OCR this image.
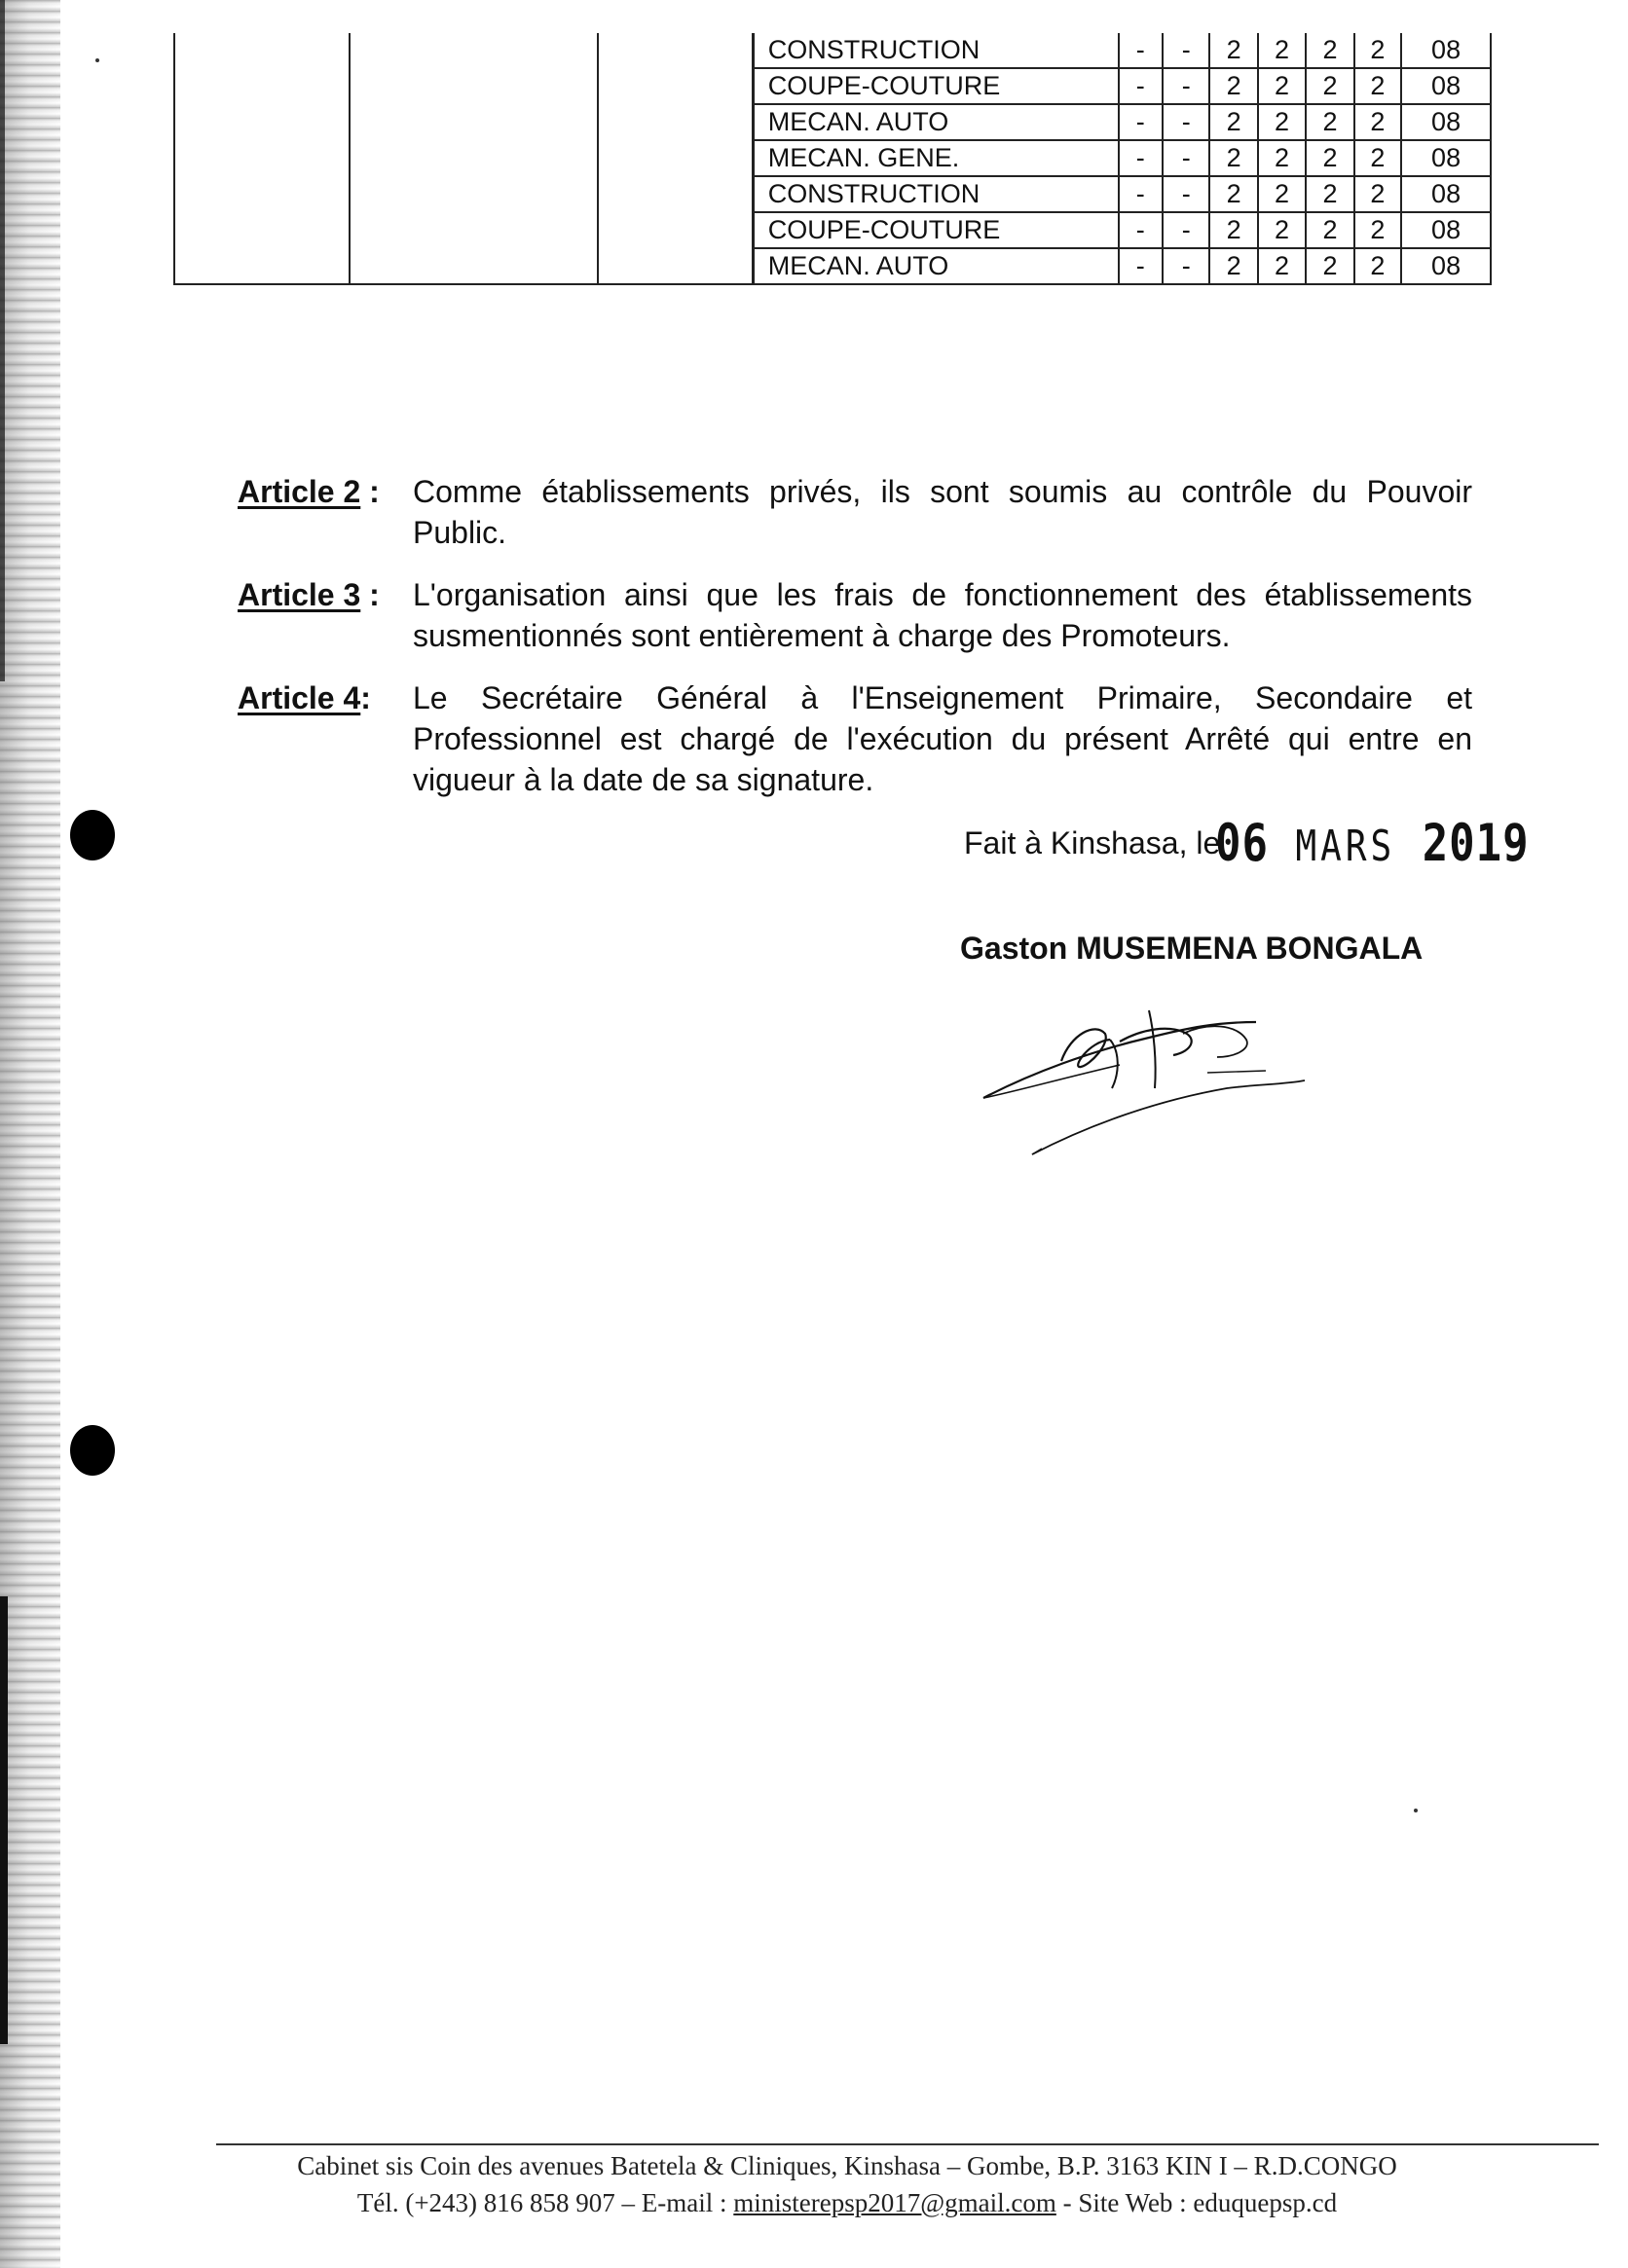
			CONSTRUCTION	-	-	2	2	2	2	08
			COUPE-COUTURE	-	-	2	2	2	2	08
			MECAN. AUTO	-	-	2	2	2	2	08
			MECAN. GENE.	-	-	2	2	2	2	08
			CONSTRUCTION	-	-	2	2	2	2	08
			COUPE-COUTURE	-	-	2	2	2	2	08
			MECAN. AUTO	-	-	2	2	2	2	08
Article 2 :	Comme établissements privés, ils sont soumis au contrôle du Pouvoir Public.
Article 3 :	L'organisation ainsi que les frais de fonctionnement des établissements susmentionnés sont entièrement à charge des Promoteurs.
Article 4:	Le Secrétaire Général à l'Enseignement Primaire, Secondaire et Professionnel est chargé de l'exécution du présent Arrêté qui entre en vigueur à la date de sa signature.
Fait à Kinshasa, le
06 MARS 2019
Gaston MUSEMENA BONGALA
Cabinet sis Coin des avenues Batetela & Cliniques, Kinshasa – Gombe, B.P. 3163 KIN I – R.D.CONGO
Tél. (+243) 816 858 907 – E-mail : ministerepsp2017@gmail.com - Site Web : eduquepsp.cd
